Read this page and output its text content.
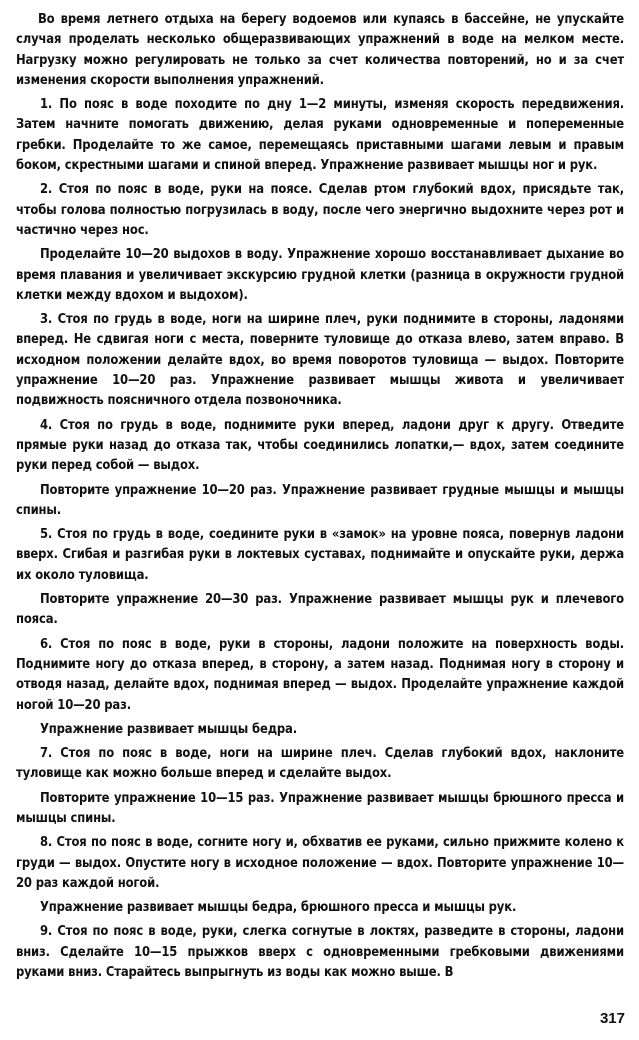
Во время летнего отдыха на берегу водоемов или купаясь в бассейне, не упускайте случая проделать несколько общеразвивающих упражнений в воде на мелком месте. Нагрузку можно регулировать не только за счет количества повторений, но и за счет изменения скорости выполнения упражнений.

1. По пояс в воде походите по дну 1—2 минуты, изменяя скорость передвижения. Затем начните помогать движению, делая руками одновременные и попеременные гребки. Проделайте то же самое, перемещаясь приставными шагами левым и правым боком, скрестными шагами и спиной вперед. Упражнение развивает мышцы ног и рук.

2. Стоя по пояс в воде, руки на поясе. Сделав ртом глубокий вдох, присядьте так, чтобы голова полностью погрузилась в воду, после чего энергично выдохните через рот и частично через нос.

Проделайте 10—20 выдохов в воду. Упражнение хорошо восстанавливает дыхание во время плавания и увеличивает экскурсию грудной клетки (разница в окружности грудной клетки между вдохом и выдохом).

3. Стоя по грудь в воде, ноги на ширине плеч, руки поднимите в стороны, ладонями вперед. Не сдвигая ноги с места, поверните туловище до отказа влево, затем вправо. В исходном положении делайте вдох, во время поворотов туловища — выдох. Повторите упражнение 10—20 раз. Упражнение развивает мышцы живота и увеличивает подвижность поясничного отдела позвоночника.

4. Стоя по грудь в воде, поднимите руки вперед, ладони друг к другу. Отведите прямые руки назад до отказа так, чтобы соединились лопатки,— вдох, затем соедините руки перед собой — выдох.

Повторите упражнение 10—20 раз. Упражнение развивает грудные мышцы и мышцы спины.

5. Стоя по грудь в воде, соедините руки в «замок» на уровне пояса, повернув ладони вверх. Сгибая и разгибая руки в локтевых суставах, поднимайте и опускайте руки, держа их около туловища.

Повторите упражнение 20—30 раз. Упражнение развивает мышцы рук и плечевого пояса.

6. Стоя по пояс в воде, руки в стороны, ладони положите на поверхность воды. Поднимите ногу до отказа вперед, в сторону, а затем назад. Поднимая ногу в сторону и отводя назад, делайте вдох, поднимая вперед — выдох. Проделайте упражнение каждой ногой 10—20 раз.

Упражнение развивает мышцы бедра.

7. Стоя по пояс в воде, ноги на ширине плеч. Сделав глубокий вдох, наклоните туловище как можно больше вперед и сделайте выдох.

Повторите упражнение 10—15 раз. Упражнение развивает мышцы брюшного пресса и мышцы спины.

8. Стоя по пояс в воде, согните ногу и, обхватив ее руками, сильно прижмите колено к груди — выдох. Опустите ногу в исходное положение — вдох. Повторите упражнение 10—20 раз каждой ногой.

Упражнение развивает мышцы бедра, брюшного пресса и мышцы рук.

9. Стоя по пояс в воде, руки, слегка согнутые в локтях, разведите в стороны, ладони вниз. Сделайте 10—15 прыжков вверх с одновременными гребковыми движениями руками вниз. Старайтесь выпрыгнуть из воды как можно выше. В

317
